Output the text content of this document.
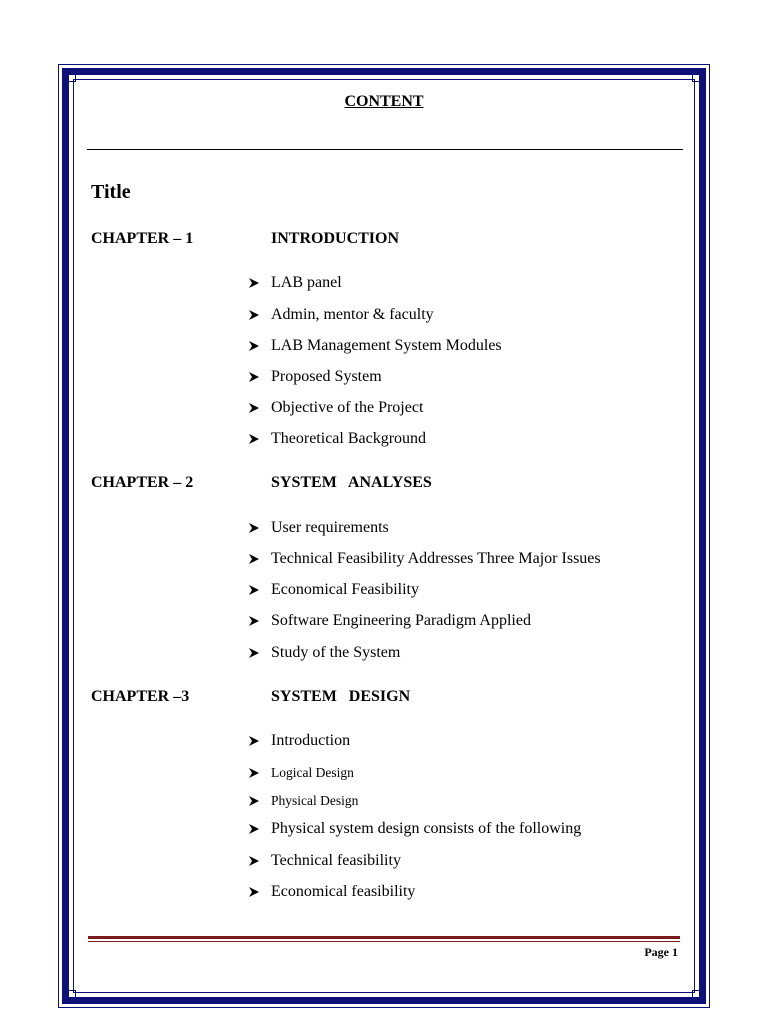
CONTENT
Title
CHAPTER – 1	INTRODUCTION
LAB panel
Admin, mentor & faculty
LAB Management System Modules
Proposed System
Objective of the Project
Theoretical Background
CHAPTER – 2	SYSTEM   ANALYSES
User requirements
Technical Feasibility Addresses Three Major Issues
Economical Feasibility
Software Engineering Paradigm Applied
Study of the System
CHAPTER –3	SYSTEM   DESIGN
Introduction
Logical Design
Physical Design
Physical system design consists of the following
Technical feasibility
Economical feasibility
Page 1
